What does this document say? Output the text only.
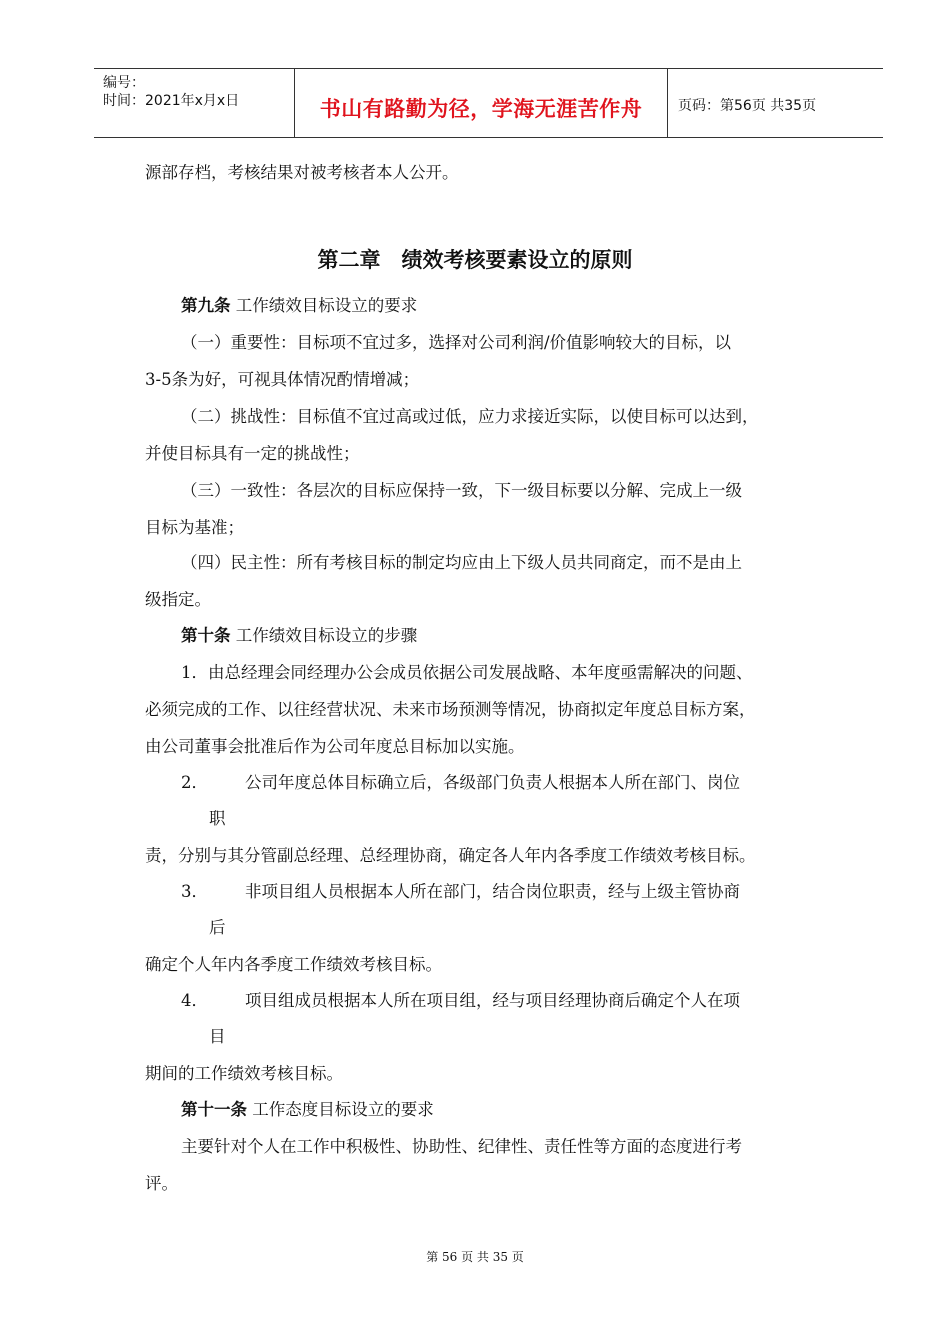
编号：
时间：2021年x月x日	书山有路勤为径，学海无涯苦作舟	页码：第56页 共35页
源部存档，考核结果对被考核者本人公开。
第二章　绩效考核要素设立的原则
第九条 工作绩效目标设立的要求
（一）重要性：目标项不宜过多，选择对公司利润/价值影响较大的目标，以
3-5条为好，可视具体情况酌情增减；
（二）挑战性：目标值不宜过高或过低，应力求接近实际，以使目标可以达到，
并使目标具有一定的挑战性；
（三）一致性：各层次的目标应保持一致，下一级目标要以分解、完成上一级
目标为基准；
（四）民主性：所有考核目标的制定均应由上下级人员共同商定，而不是由上
级指定。
第十条 工作绩效目标设立的步骤
1．由总经理会同经理办公会成员依据公司发展战略、本年度亟需解决的问题、
必须完成的工作、以往经营状况、未来市场预测等情况，协商拟定年度总目标方案，
由公司董事会批准后作为公司年度总目标加以实施。
2． 公司年度总体目标确立后，各级部门负责人根据本人所在部门、岗位
职
责，分别与其分管副总经理、总经理协商，确定各人年内各季度工作绩效考核目标。
3． 非项目组人员根据本人所在部门，结合岗位职责，经与上级主管协商
后
确定个人年内各季度工作绩效考核目标。
4． 项目组成员根据本人所在项目组，经与项目经理协商后确定个人在项
目
期间的工作绩效考核目标。
第十一条 工作态度目标设立的要求
主要针对个人在工作中积极性、协助性、纪律性、责任性等方面的态度进行考
评。
第 56 页 共 35 页
